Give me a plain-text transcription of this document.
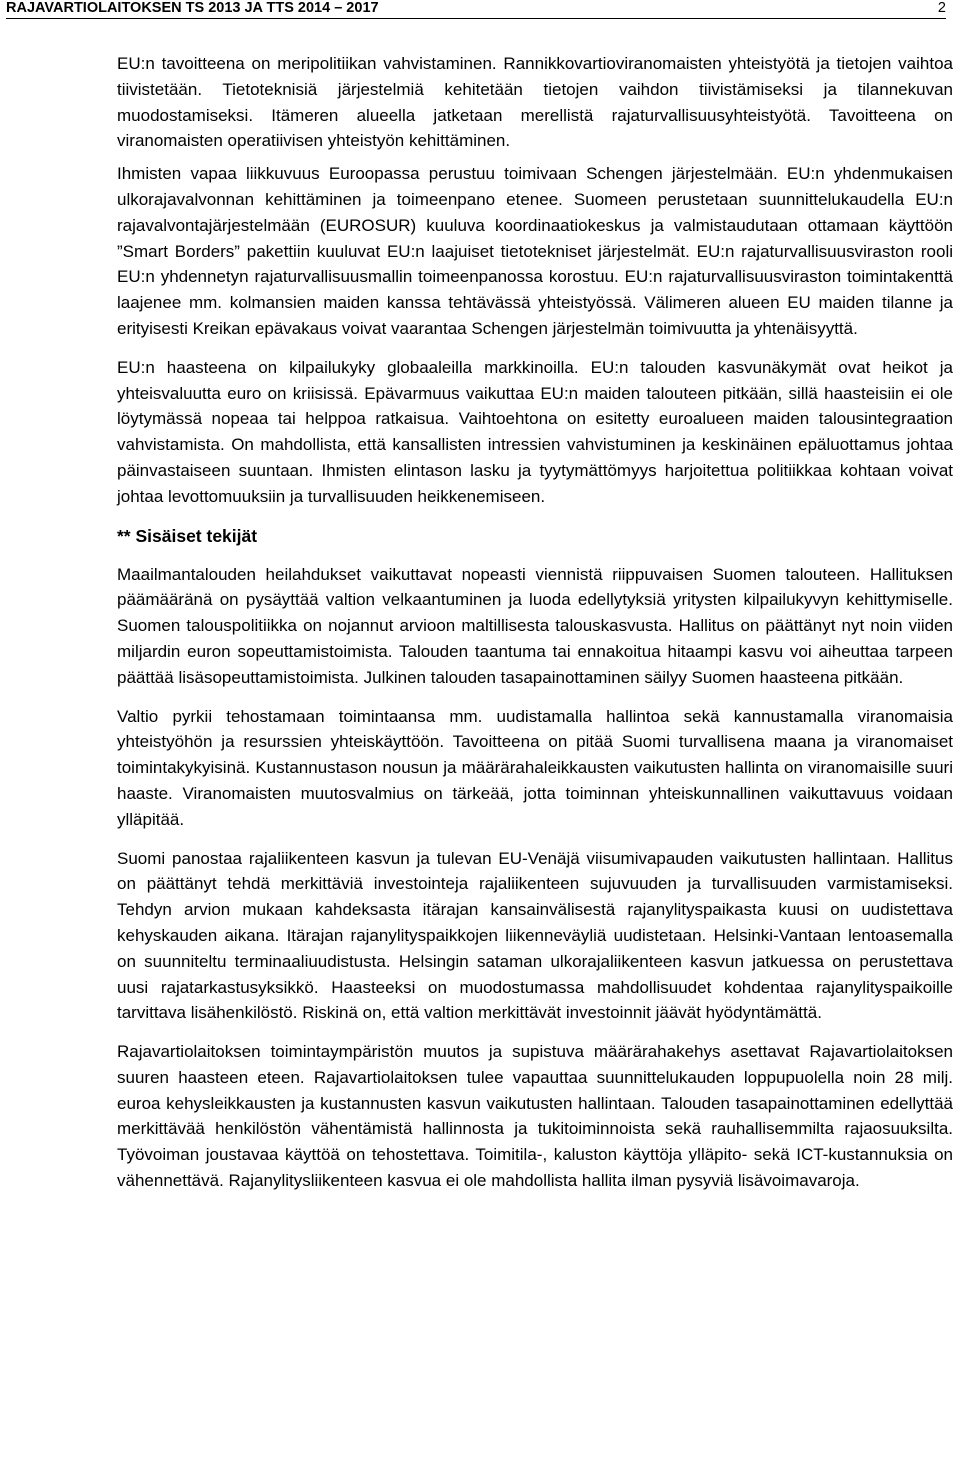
RAJAVARTIOLAITOKSEN TS 2013 JA TTS 2014 – 2017	2

EU:n tavoitteena on meripolitiikan vahvistaminen. Rannikkovartioviranomaisten yhteistyötä ja tietojen vaihtoa tiivistetään. Tietoteknisiä järjestelmiä kehitetään tietojen vaihdon tiivistämiseksi ja tilannekuvan muodostamiseksi. Itämeren alueella jatketaan merellistä rajaturvallisuusyhteistyötä. Tavoitteena on viranomaisten operatiivisen yhteistyön kehittäminen.

Ihmisten vapaa liikkuvuus Euroopassa perustuu toimivaan Schengen järjestelmään. EU:n yhdenmukaisen ulkorajavalvonnan kehittäminen ja toimeenpano etenee. Suomeen perustetaan suunnittelukaudella EU:n rajavalvontajärjestelmään (EUROSUR) kuuluva koordinaatiokeskus ja valmistaudutaan ottamaan käyttöön ”Smart Borders” pakettiin kuuluvat EU:n laajuiset tietotekniset järjestelmät. EU:n rajaturvallisuusviraston rooli EU:n yhdennetyn rajaturvallisuusmallin toimeenpanossa korostuu. EU:n rajaturvallisuusviraston toimintakenttä laajenee mm. kolmansien maiden kanssa tehtävässä yhteistyössä. Välimeren alueen EU maiden tilanne ja erityisesti Kreikan epävakaus voivat vaarantaa Schengen järjestelmän toimivuutta ja yhtenäisyyttä.

EU:n haasteena on kilpailukyky globaaleilla markkinoilla. EU:n talouden kasvunäkymät ovat heikot ja yhteisvaluutta euro on kriisissä. Epävarmuus vaikuttaa EU:n maiden talouteen pitkään, sillä haasteisiin ei ole löytymässä nopeaa tai helppoa ratkaisua. Vaihtoehtona on esitetty euroalueen maiden talousintegraation vahvistamista. On mahdollista, että kansallisten intressien vahvistuminen ja keskinäinen epäluottamus johtaa päinvastaiseen suuntaan. Ihmisten elintason lasku ja tyytymättömyys harjoitettua politiikkaa kohtaan voivat johtaa levottomuuksiin ja turvallisuuden heikkenemiseen.

** Sisäiset tekijät

Maailmantalouden heilahdukset vaikuttavat nopeasti viennistä riippuvaisen Suomen talouteen. Hallituksen päämääränä on pysäyttää valtion velkaantuminen ja luoda edellytyksiä yritysten kilpailukyvyn kehittymiselle. Suomen talouspolitiikka on nojannut arvioon maltillisesta talouskasvusta. Hallitus on päättänyt nyt noin viiden miljardin euron sopeuttamistoimista. Talouden taantuma tai ennakoitua hitaampi kasvu voi aiheuttaa tarpeen päättää lisäsopeuttamistoimista. Julkinen talouden tasapainottaminen säilyy Suomen haasteena pitkään.

Valtio pyrkii tehostamaan toimintaansa mm. uudistamalla hallintoa sekä kannustamalla viranomaisia yhteistyöhön ja resurssien yhteiskäyttöön. Tavoitteena on pitää Suomi turvallisena maana ja viranomaiset toimintakykyisinä. Kustannustason nousun ja määrärahaleikkausten vaikutusten hallinta on viranomaisille suuri haaste. Viranomaisten muutosvalmius on tärkeää, jotta toiminnan yhteiskunnallinen vaikuttavuus voidaan ylläpitää.

Suomi panostaa rajaliikenteen kasvun ja tulevan EU-Venäjä viisumivapauden vaikutusten hallintaan. Hallitus on päättänyt tehdä merkittäviä investointeja rajaliikenteen sujuvuuden ja turvallisuuden varmistamiseksi. Tehdyn arvion mukaan kahdeksasta itärajan kansainvälisestä rajanylityspaikasta kuusi on uudistettava kehyskauden aikana. Itärajan rajanylityspaikkojen liikenneväyliä uudistetaan. Helsinki-Vantaan lentoasemalla on suunniteltu terminaaliuudistusta. Helsingin sataman ulkorajaliikenteen kasvun jatkuessa on perustettava uusi rajatarkastusyksikkö. Haasteeksi on muodostumassa mahdollisuudet kohdentaa rajanylityspaikoille tarvittava lisähenkilöstö. Riskinä on, että valtion merkittävät investoinnit jäävät hyödyntämättä.

Rajavartiolaitoksen toimintaympäristön muutos ja supistuva määrärahakehys asettavat Rajavartiolaitoksen suuren haasteen eteen. Rajavartiolaitoksen tulee vapauttaa suunnittelukauden loppupuolella noin 28 milj. euroa kehysleikkausten ja kustannusten kasvun vaikutusten hallintaan. Talouden tasapainottaminen edellyttää merkittävää henkilöstön vähentämistä hallinnosta ja tukitoiminnoista sekä rauhallisemmilta rajaosuuksilta. Työvoiman joustavaa käyttöä on tehostettava. Toimitila-, kaluston käyttöja ylläpito- sekä ICT-kustannuksia on vähennettävä. Rajanylitysliikenteen kasvua ei ole mahdollista hallita ilman pysyviä lisävoimavaroja.
